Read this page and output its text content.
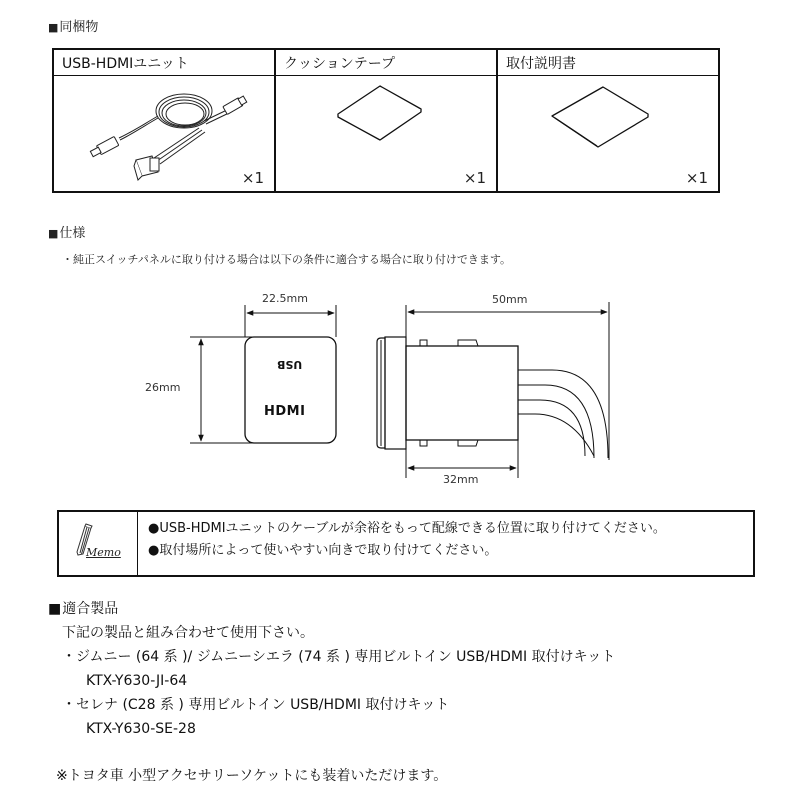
■ 同梱物
USB-HDMIユニット	クッションテープ	取付説明書
×1	×1	×1
■ 仕様
・純正スイッチパネルに取り付ける場合は以下の条件に適合する場合に取り付けできます。
22.5mm
26mm
USB
HDMI
50mm
32mm
Memo
●USB-HDMIユニットのケーブルが余裕をもって配線できる位置に取り付けてください。
●取付場所によって使いやすい向きで取り付けてください。
■ 適合製品
下記の製品と組み合わせて使用下さい。
・ジムニー (64 系 )/ ジムニーシエラ (74 系 ) 専用ビルトイン USB/HDMI 取付けキット
KTX-Y630-JI-64
・セレナ (C28 系 ) 専用ビルトイン USB/HDMI 取付けキット
KTX-Y630-SE-28
※トヨタ車 小型アクセサリーソケットにも装着いただけます。
